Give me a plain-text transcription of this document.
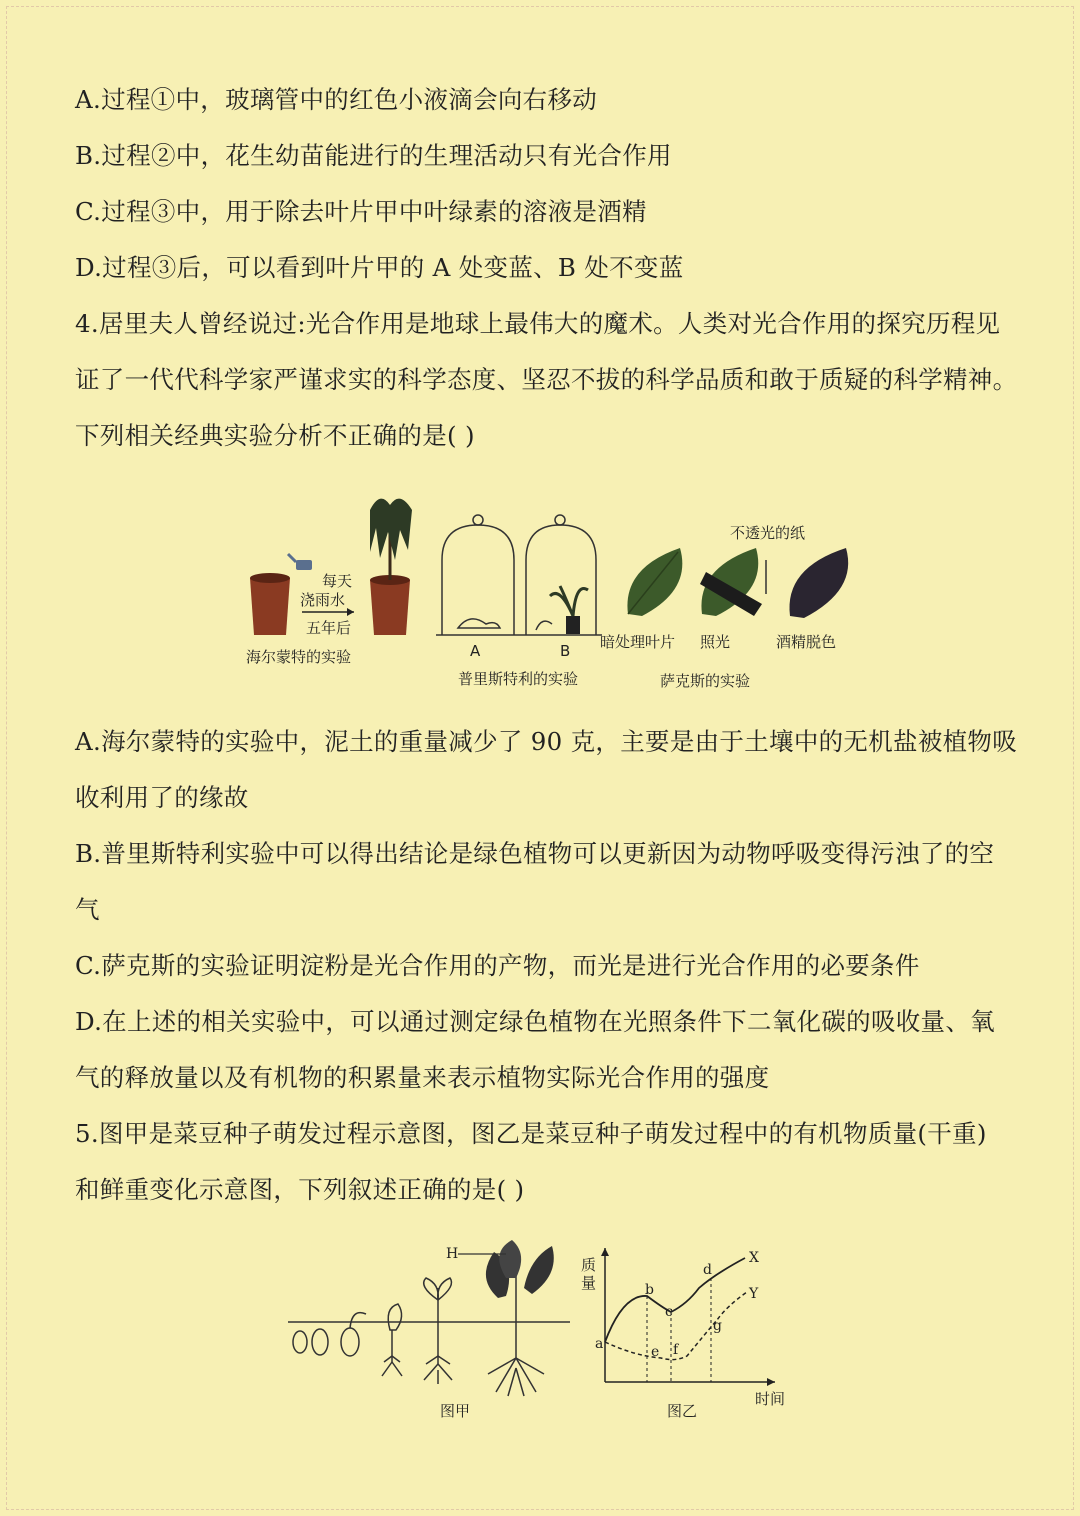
A.过程①中，玻璃管中的红色小液滴会向右移动
B.过程②中，花生幼苗能进行的生理活动只有光合作用
C.过程③中，用于除去叶片甲中叶绿素的溶液是酒精
D.过程③后，可以看到叶片甲的 A 处变蓝、B 处不变蓝
4.居里夫人曾经说过:光合作用是地球上最伟大的魔术。人类对光合作用的探究历程见
证了一代代科学家严谨求实的科学态度、坚忍不拔的科学品质和敢于质疑的科学精神。
下列相关经典实验分析不正确的是( )
每天
浇雨水
五年后
海尔蒙特的实验	A	B
普里斯特利的实验
不透光的纸
暗处理叶片 照光	酒精脱色
萨克斯的实验
A.海尔蒙特的实验中，泥土的重量减少了 90 克，主要是由于土壤中的无机盐被植物吸
收利用了的缘故
B.普里斯特利实验中可以得出结论是绿色植物可以更新因为动物呼吸变得污浊了的空
气
C.萨克斯的实验证明淀粉是光合作用的产物，而光是进行光合作用的必要条件
D.在上述的相关实验中，可以通过测定绿色植物在光照条件下二氧化碳的吸收量、氧
气的释放量以及有机物的积累量来表示植物实际光合作用的强度
5.图甲是菜豆种子萌发过程示意图，图乙是菜豆种子萌发过程中的有机物质量(干重)
和鲜重变化示意图，下列叙述正确的是( )
H
图甲
质
量
时间
a
b
c
d
e f
g
X
Y
图乙
